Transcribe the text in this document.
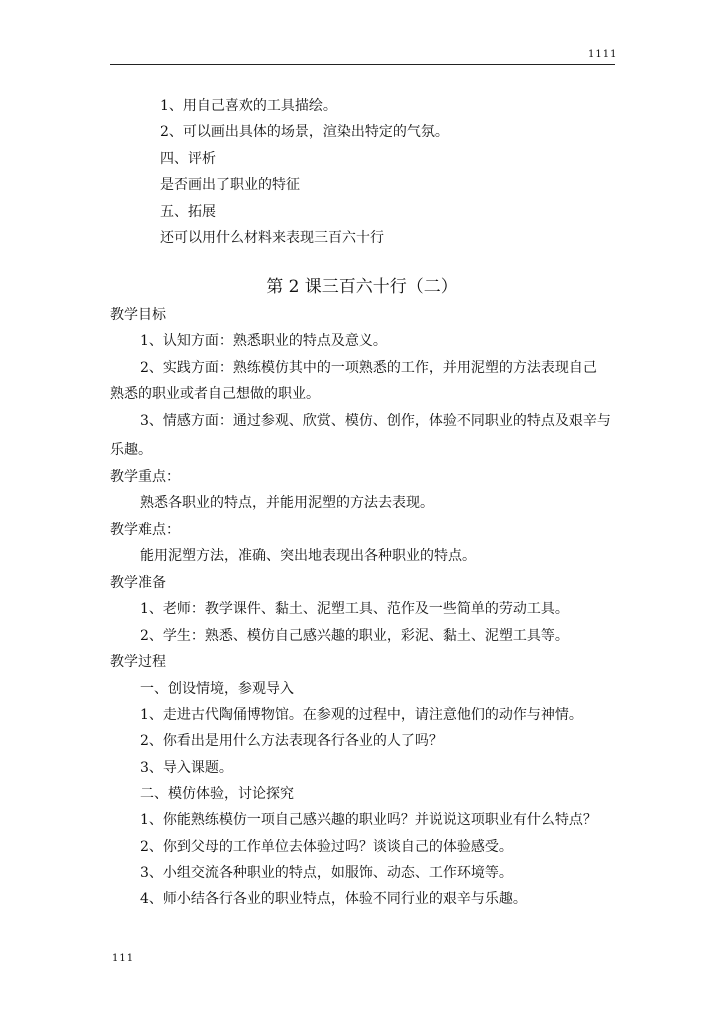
1111
1、用自己喜欢的工具描绘。
2、可以画出具体的场景，渲染出特定的气氛。
四、评析
是否画出了职业的特征
五、拓展
还可以用什么材料来表现三百六十行
第 2 课三百六十行（二）
教学目标
1、认知方面：熟悉职业的特点及意义。
2、实践方面：熟练模仿其中的一项熟悉的工作，并用泥塑的方法表现自己
熟悉的职业或者自己想做的职业。
3、情感方面：通过参观、欣赏、模仿、创作，体验不同职业的特点及艰辛与
乐趣。
教学重点：
熟悉各职业的特点，并能用泥塑的方法去表现。
教学难点：
能用泥塑方法，准确、突出地表现出各种职业的特点。
教学准备
1、老师：教学课件、黏土、泥塑工具、范作及一些简单的劳动工具。
2、学生：熟悉、模仿自己感兴趣的职业，彩泥、黏土、泥塑工具等。
教学过程
一、创设情境，参观导入
1、走进古代陶俑博物馆。在参观的过程中，请注意他们的动作与神情。
2、你看出是用什么方法表现各行各业的人了吗？
3、导入课题。
二、模仿体验，讨论探究
1、你能熟练模仿一项自己感兴趣的职业吗？并说说这项职业有什么特点？
2、你到父母的工作单位去体验过吗？谈谈自己的体验感受。
3、小组交流各种职业的特点，如服饰、动态、工作环境等。
4、师小结各行各业的职业特点，体验不同行业的艰辛与乐趣。
111
